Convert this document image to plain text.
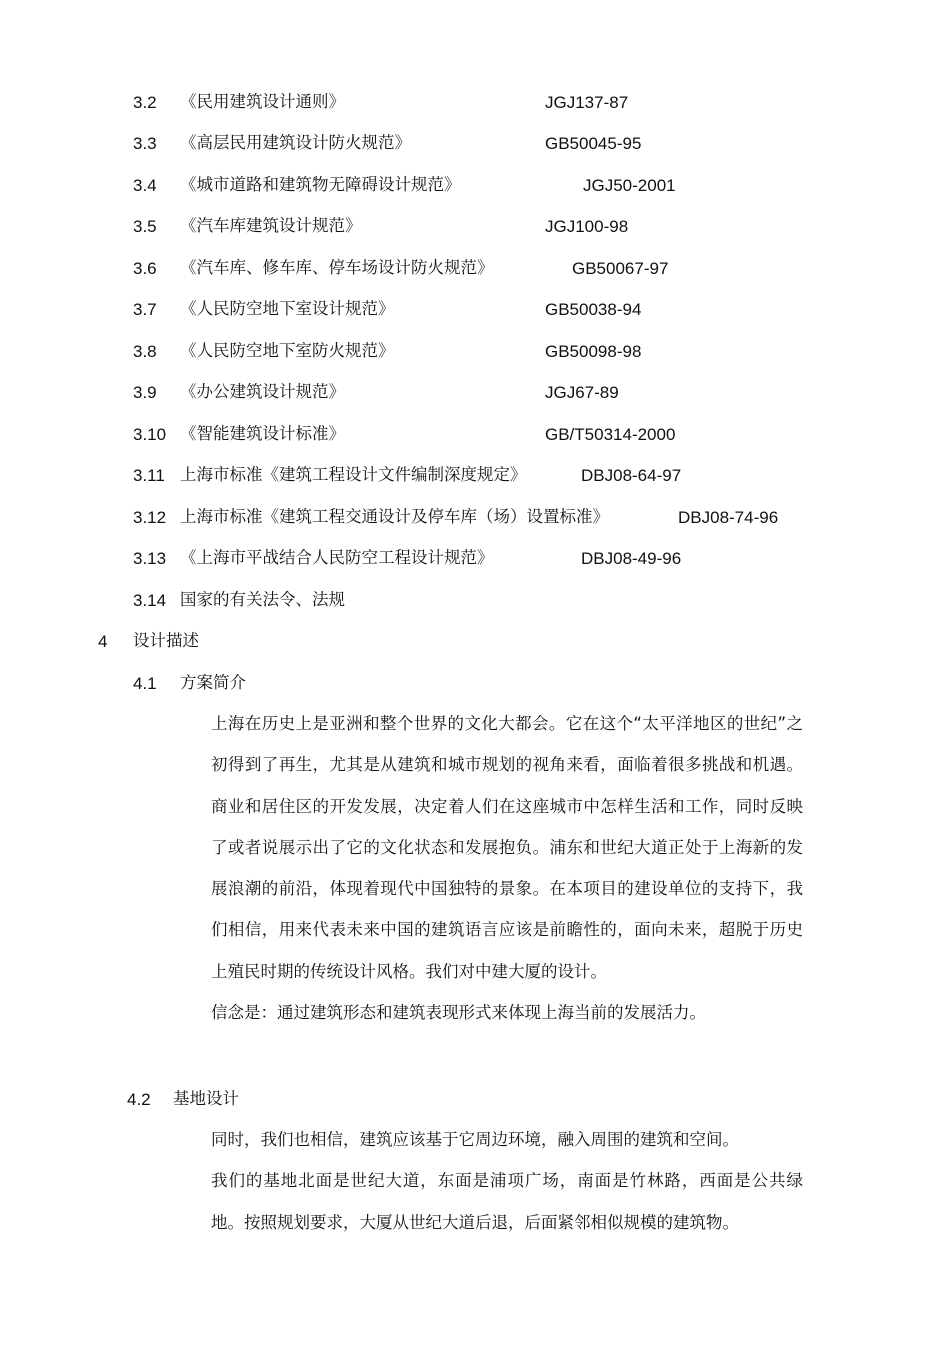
3.2 《民用建筑设计通则》	JGJ137-87
3.3 《高层民用建筑设计防火规范》	GB50045-95
3.4 《城市道路和建筑物无障碍设计规范》	JGJ50-2001
3.5 《汽车库建筑设计规范》	JGJ100-98
3.6 《汽车库、修车库、停车场设计防火规范》	GB50067-97
3.7 《人民防空地下室设计规范》	GB50038-94
3.8 《人民防空地下室防火规范》	GB50098-98
3.9 《办公建筑设计规范》	JGJ67-89
3.10 《智能建筑设计标准》	GB/T50314-2000
3.11 上海市标准《建筑工程设计文件编制深度规定》	DBJ08-64-97
3.12 上海市标准《建筑工程交通设计及停车库（场）设置标准》	DBJ08-74-96
3.13 《上海市平战结合人民防空工程设计规范》	DBJ08-49-96
3.14 国家的有关法令、法规
4 设计描述
4.1 方案简介

上海在历史上是亚洲和整个世界的文化大都会。它在这个“太平洋地区的世纪”之初得到了再生，尤其是从建筑和城市规划的视角来看，面临着很多挑战和机遇。商业和居住区的开发发展，决定着人们在这座城市中怎样生活和工作，同时反映了或者说展示出了它的文化状态和发展抱负。浦东和世纪大道正处于上海新的发展浪潮的前沿，体现着现代中国独特的景象。在本项目的建设单位的支持下，我们相信，用来代表未来中国的建筑语言应该是前瞻性的，面向未来，超脱于历史上殖民时期的传统设计风格。我们对中建大厦的设计。

信念是：通过建筑形态和建筑表现形式来体现上海当前的发展活力。

4.2 基地设计

同时，我们也相信，建筑应该基于它周边环境，融入周围的建筑和空间。

我们的基地北面是世纪大道，东面是浦项广场，南面是竹林路，西面是公共绿地。按照规划要求，大厦从世纪大道后退，后面紧邻相似规模的建筑物。
